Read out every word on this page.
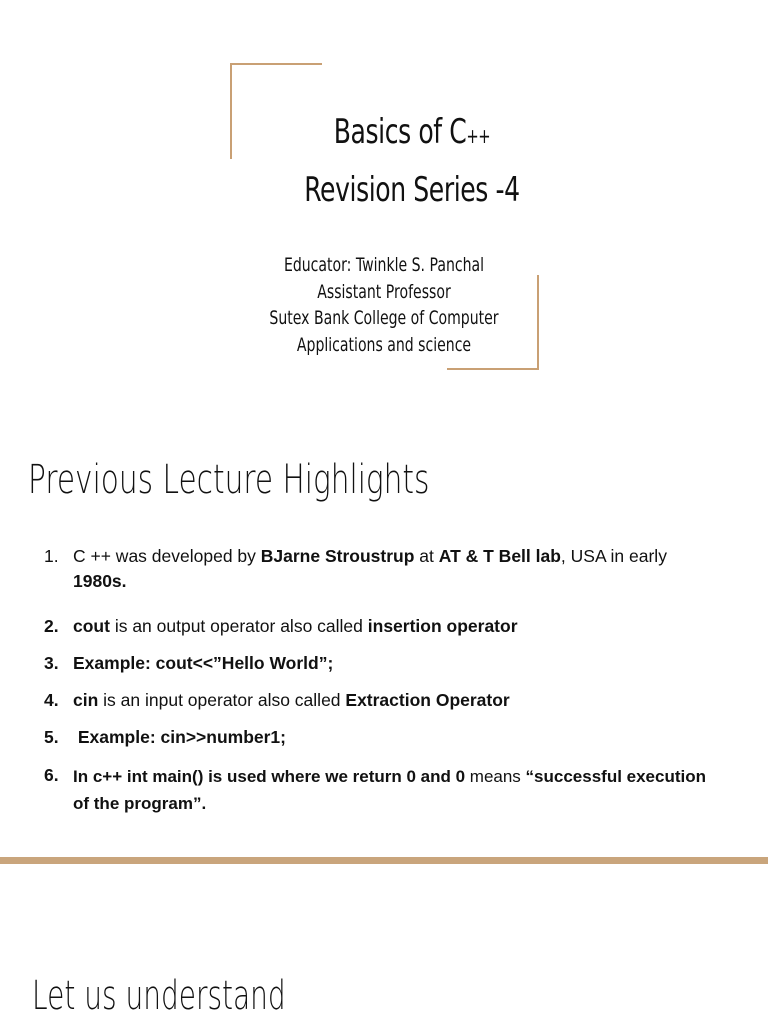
Basics of C++
Revision Series -4
Educator: Twinkle S. Panchal
Assistant Professor
Sutex Bank College of Computer
Applications and science
Previous Lecture Highlights
1. C ++ was developed by BJarne Stroustrup at AT & T Bell lab, USA in early 1980s.
2. cout is an output operator also called insertion operator
3. Example: cout<<”Hello World”;
4. cin is an input operator also called Extraction Operator
5. Example: cin>>number1;
6. In c++ int main() is used where we return 0 and 0 means “successful execution of the program”.
Let us understand
